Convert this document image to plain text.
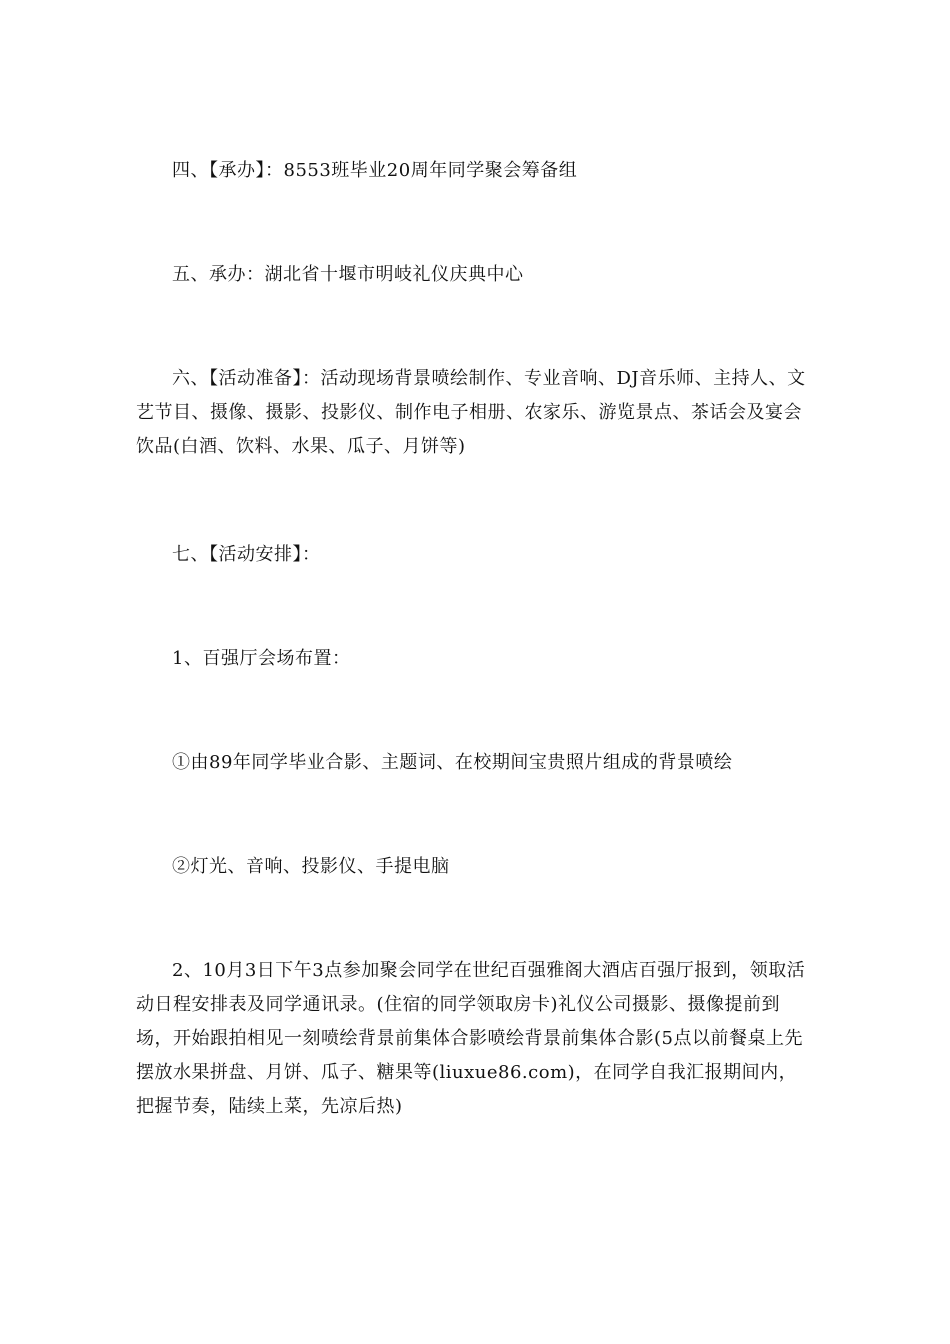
四、【承办】：8553班毕业20周年同学聚会筹备组

五、承办：湖北省十堰市明岐礼仪庆典中心

六、【活动准备】：活动现场背景喷绘制作、专业音响、DJ音乐师、主持人、文艺节目、摄像、摄影、投影仪、制作电子相册、农家乐、游览景点、茶话会及宴会饮品(白酒、饮料、水果、瓜子、月饼等)

七、【活动安排】：

1、百强厅会场布置：

①由89年同学毕业合影、主题词、在校期间宝贵照片组成的背景喷绘

②灯光、音响、投影仪、手提电脑

2、10月3日下午3点参加聚会同学在世纪百强雅阁大酒店百强厅报到，领取活动日程安排表及同学通讯录。(住宿的同学领取房卡)礼仪公司摄影、摄像提前到场，开始跟拍相见一刻喷绘背景前集体合影喷绘背景前集体合影(5点以前餐桌上先摆放水果拼盘、月饼、瓜子、糖果等(liuxue86.com)，在同学自我汇报期间内，把握节奏，陆续上菜，先凉后热)
